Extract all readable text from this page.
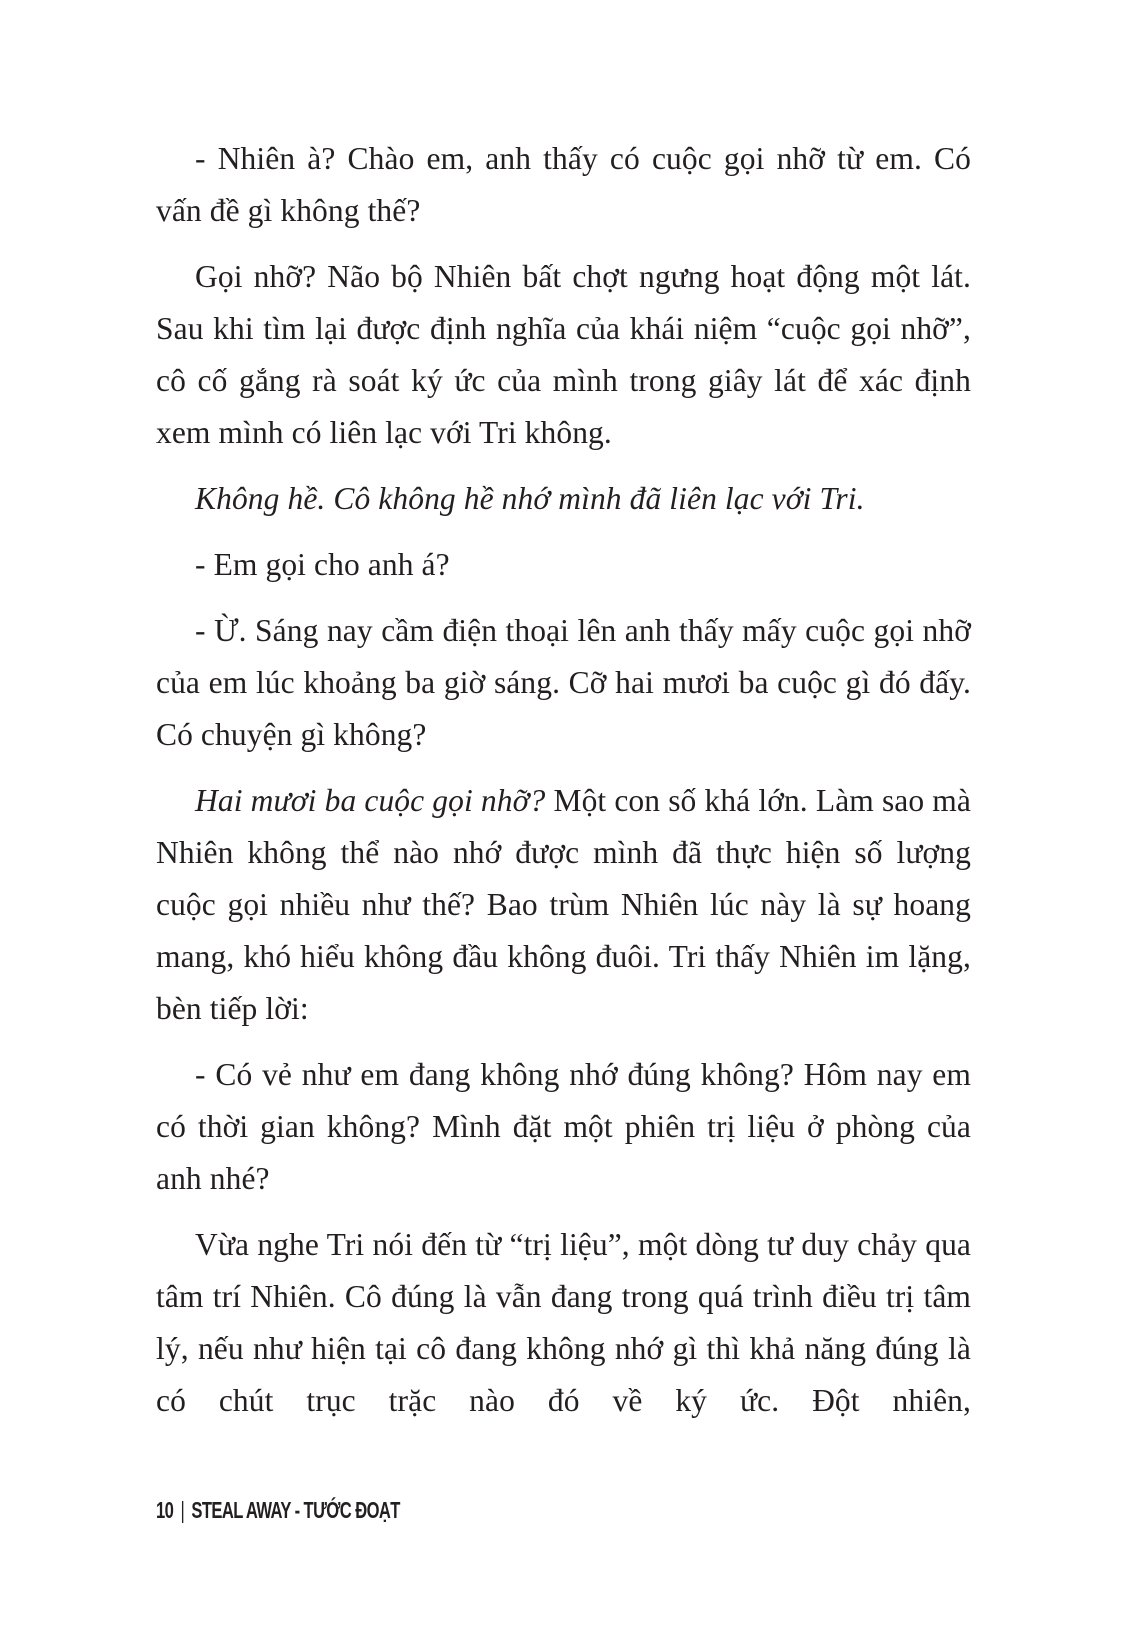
- Nhiên à? Chào em, anh thấy có cuộc gọi nhỡ từ em. Có vấn đề gì không thế?

Gọi nhỡ? Não bộ Nhiên bất chợt ngưng hoạt động một lát. Sau khi tìm lại được định nghĩa của khái niệm “cuộc gọi nhỡ”, cô cố gắng rà soát ký ức của mình trong giây lát để xác định xem mình có liên lạc với Tri không.

Không hề. Cô không hề nhớ mình đã liên lạc với Tri.

- Em gọi cho anh á?

- Ừ. Sáng nay cầm điện thoại lên anh thấy mấy cuộc gọi nhỡ của em lúc khoảng ba giờ sáng. Cỡ hai mươi ba cuộc gì đó đấy. Có chuyện gì không?

Hai mươi ba cuộc gọi nhỡ? Một con số khá lớn. Làm sao mà Nhiên không thể nào nhớ được mình đã thực hiện số lượng cuộc gọi nhiều như thế? Bao trùm Nhiên lúc này là sự hoang mang, khó hiểu không đầu không đuôi. Tri thấy Nhiên im lặng, bèn tiếp lời:

- Có vẻ như em đang không nhớ đúng không? Hôm nay em có thời gian không? Mình đặt một phiên trị liệu ở phòng của anh nhé?

Vừa nghe Tri nói đến từ “trị liệu”, một dòng tư duy chảy qua tâm trí Nhiên. Cô đúng là vẫn đang trong quá trình điều trị tâm lý, nếu như hiện tại cô đang không nhớ gì thì khả năng đúng là có chút trục trặc nào đó về ký ức. Đột nhiên,

10 | STEAL AWAY - TƯỚC ĐOẠT
